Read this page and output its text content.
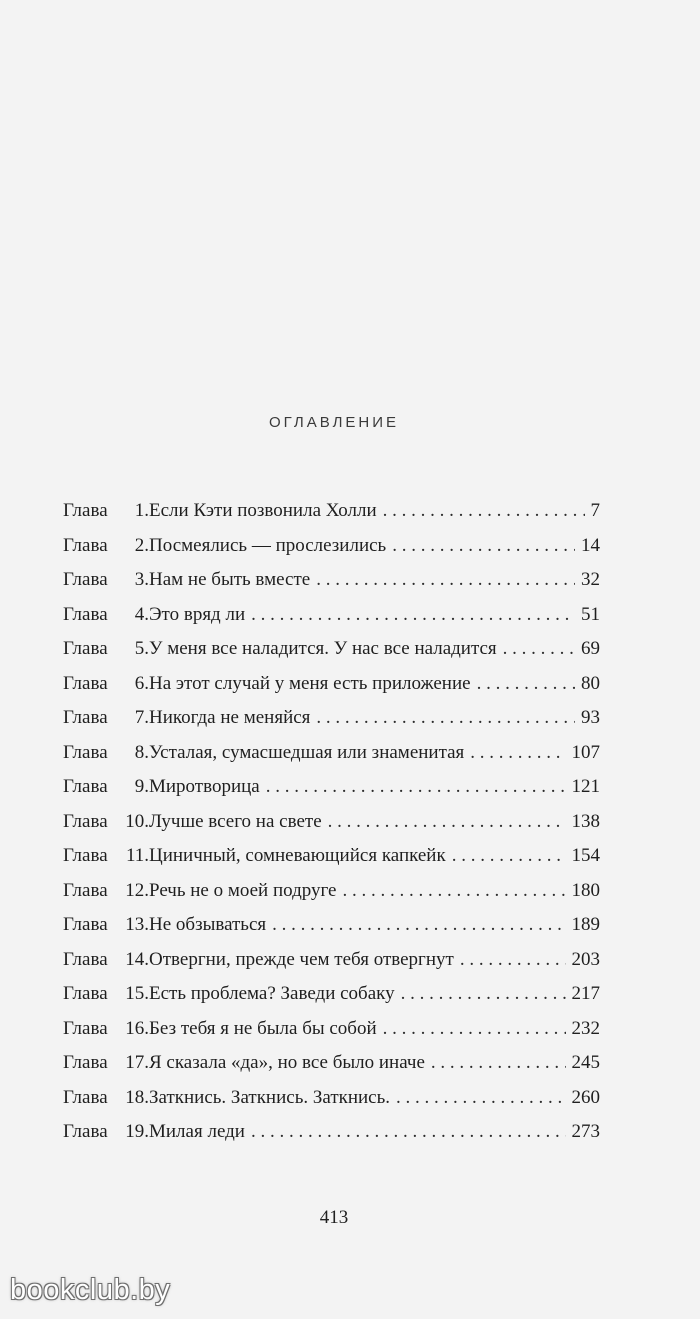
ОГЛАВЛЕНИЕ
Глава	1. Если Кэти позвонила Холли . . .	7
Глава	2. Посмеялись — прослезились . . .	14
Глава	3. Нам не быть вместе . . .	32
Глава	4. Это вряд ли . . .	51
Глава	5. У меня все наладится. У нас все наладится . . .	69
Глава	6. На этот случай у меня есть приложение . . .	80
Глава	7. Никогда не меняйся . . .	93
Глава	8. Усталая, сумасшедшая или знаменитая . . .	107
Глава	9. Миротворица . . .	121
Глава 10. Лучше всего на свете . . .	138
Глава 11. Циничный, сомневающийся капкейк . . .	154
Глава 12. Речь не о моей подруге . . .	180
Глава 13. Не обзываться . . .	189
Глава 14. Отвергни, прежде чем тебя отвергнут . . .	203
Глава 15. Есть проблема? Заведи собаку . . .	217
Глава 16. Без тебя я не была бы собой . . .	232
Глава 17. Я сказала «да», но все было иначе . . .	245
Глава 18. Заткнись. Заткнись. Заткнись. . . .	260
Глава 19. Милая леди . . .	273
413
bookclub.by
